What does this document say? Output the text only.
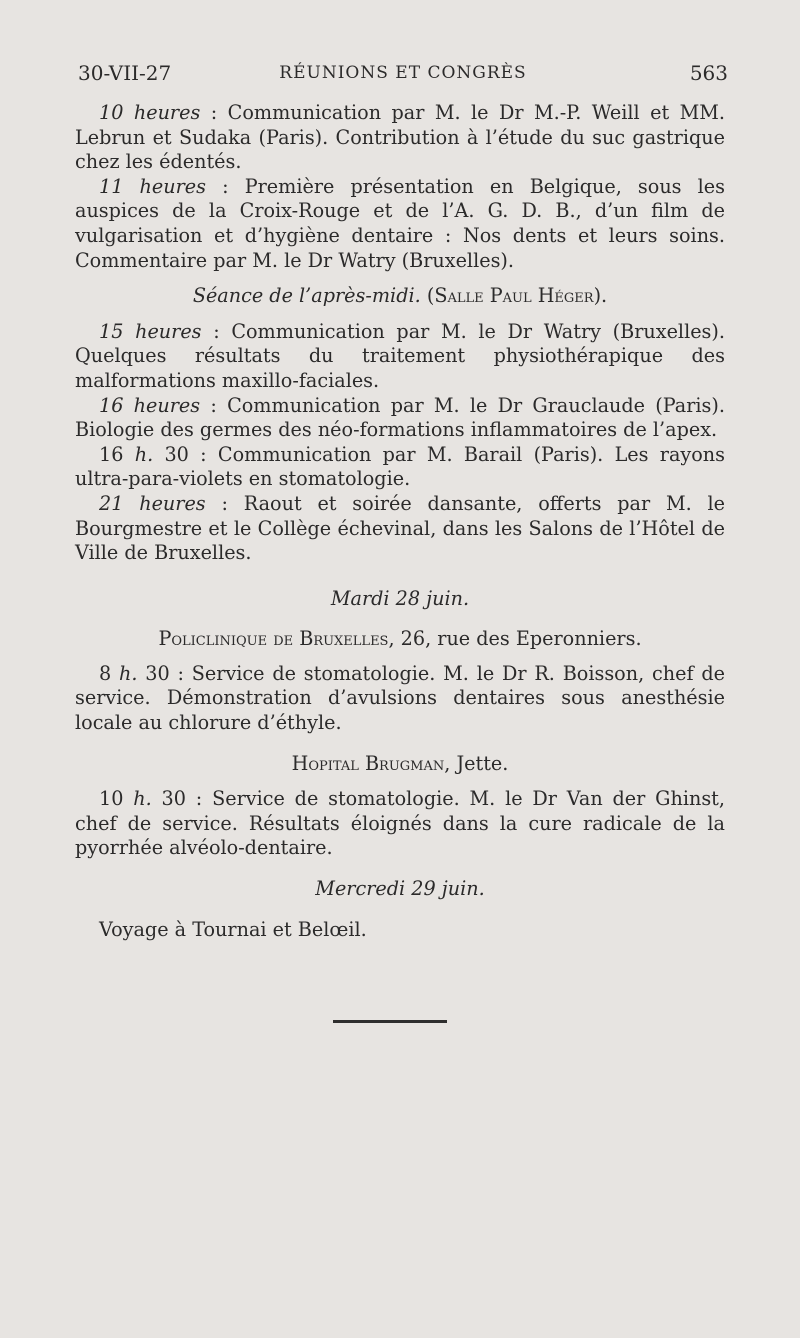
30-VII-27	RÉUNIONS ET CONGRÈS	563

10 heures : Communication par M. le Dr M.-P. Weill et MM. Lebrun et Sudaka (Paris). Contribution à l’étude du suc gastrique chez les édentés.

11 heures : Première présentation en Belgique, sous les auspices de la Croix-Rouge et de l’A. G. D. B., d’un film de vulgarisation et d’hygiène dentaire : Nos dents et leurs soins. Commentaire par M. le Dr Watry (Bruxelles).

Séance de l’après-midi. (Salle Paul Héger).

15 heures : Communication par M. le Dr Watry (Bruxelles). Quelques résultats du traitement physiothérapique des malformations maxillo-faciales.

16 heures : Communication par M. le Dr Grauclaude (Paris). Biologie des germes des néo-formations inflammatoires de l’apex.

16 h. 30 : Communication par M. Barail (Paris). Les rayons ultra-para-violets en stomatologie.

21 heures : Raout et soirée dansante, offerts par M. le Bourgmestre et le Collège échevinal, dans les Salons de l’Hôtel de Ville de Bruxelles.

Mardi 28 juin.

Policlinique de Bruxelles, 26, rue des Eperonniers.

8 h. 30 : Service de stomatologie. M. le Dr R. Boisson, chef de service. Démonstration d’avulsions dentaires sous anesthésie locale au chlorure d’éthyle.

Hopital Brugman, Jette.

10 h. 30 : Service de stomatologie. M. le Dr Van der Ghinst, chef de service. Résultats éloignés dans la cure radicale de la pyorrhée alvéolo-dentaire.

Mercredi 29 juin.

Voyage à Tournai et Belœil.
